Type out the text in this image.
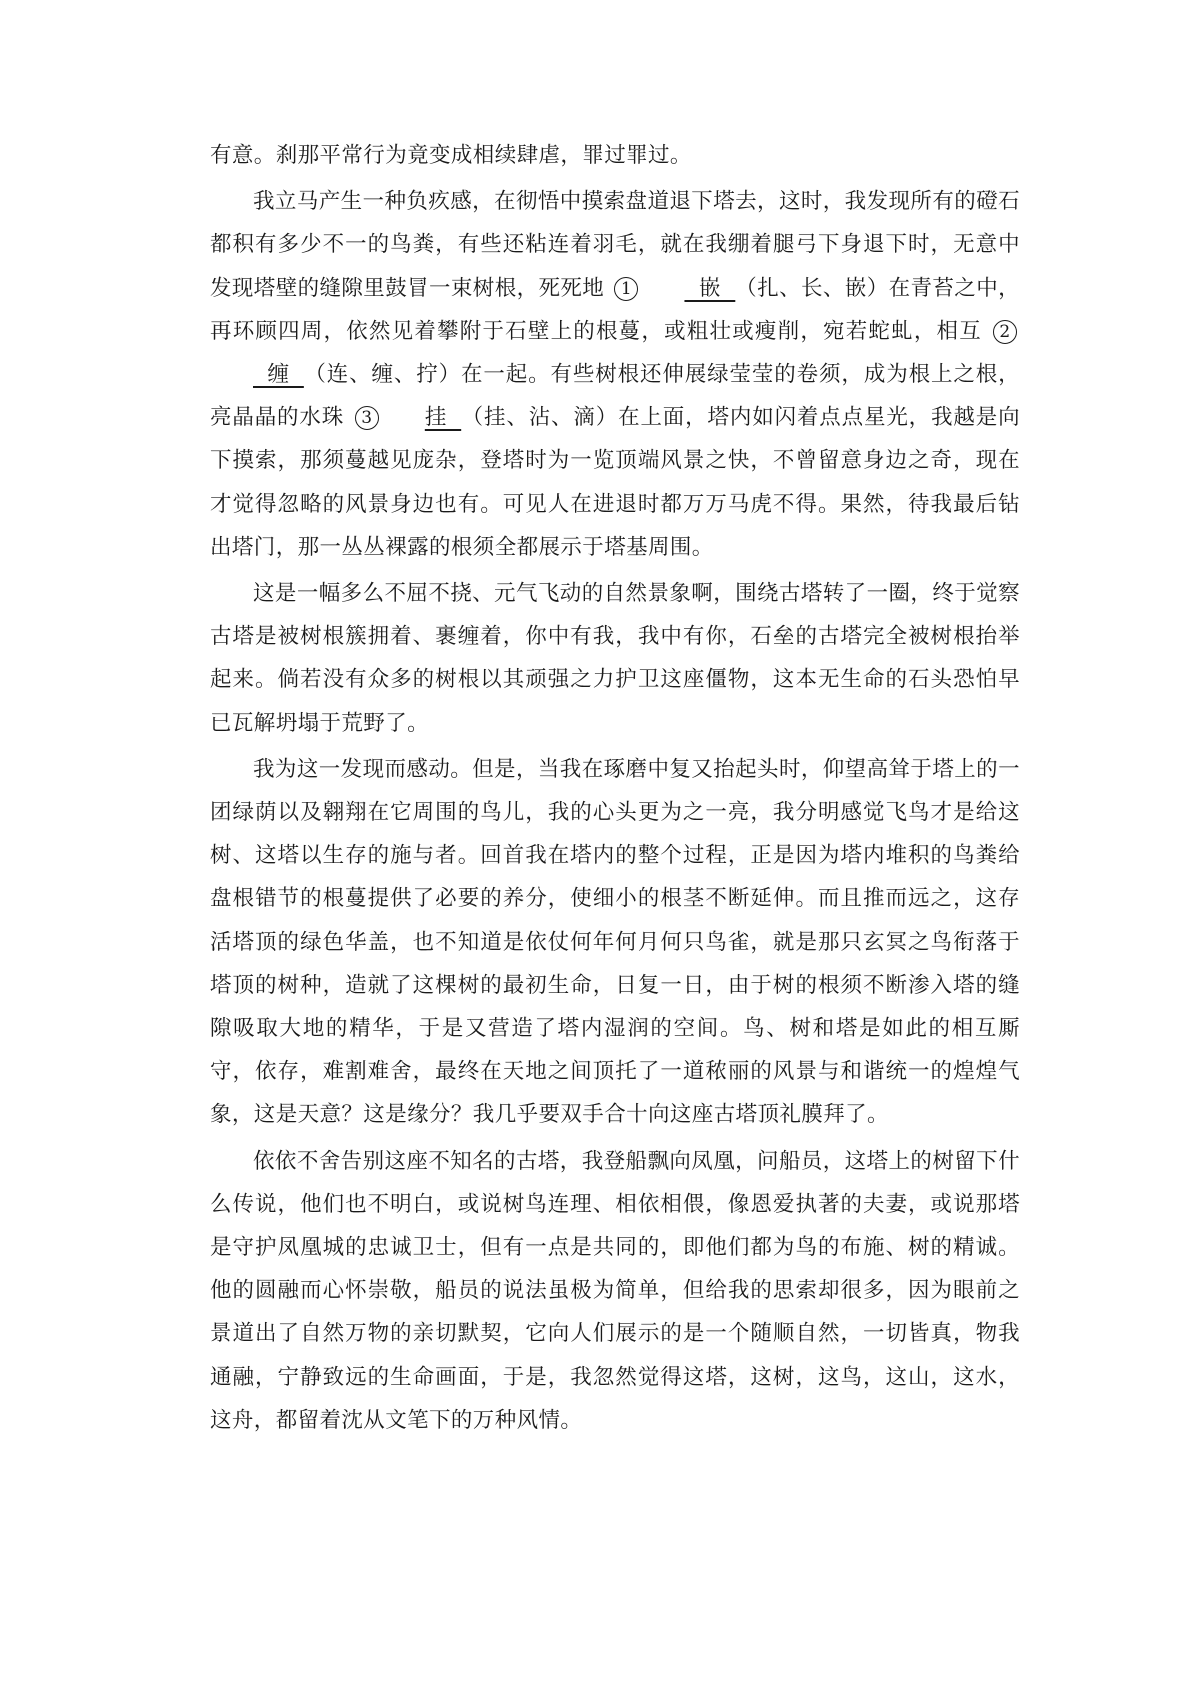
有意。刹那平常行为竟变成相续肆虐，罪过罪过。

我立马产生一种负疚感，在彻悟中摸索盘道退下塔去，这时，我发现所有的磴石都积有多少不一的鸟粪，有些还粘连着羽毛，就在我绷着腿弓下身退下时，无意中发现塔壁的缝隙里鼓冒一束树根，死死地 1  嵌  （扎、长、嵌）在青苔之中，再环顾四周，依然见着攀附于石壁上的根蔓，或粗壮或瘦削，宛若蛇虬，相互 2  缠  （连、缠、拧）在一起。有些树根还伸展绿莹莹的卷须，成为根上之根，亮晶晶的水珠 3 挂  （挂、沾、滴）在上面，塔内如闪着点点星光，我越是向下摸索，那须蔓越见庞杂，登塔时为一览顶端风景之快，不曾留意身边之奇，现在才觉得忽略的风景身边也有。可见人在进退时都万万马虎不得。果然，待我最后钻出塔门，那一丛丛裸露的根须全都展示于塔基周围。

这是一幅多么不屈不挠、元气飞动的自然景象啊，围绕古塔转了一圈，终于觉察古塔是被树根簇拥着、裹缠着，你中有我，我中有你，石垒的古塔完全被树根抬举起来。倘若没有众多的树根以其顽强之力护卫这座僵物，这本无生命的石头恐怕早已瓦解坍塌于荒野了。

我为这一发现而感动。但是，当我在琢磨中复又抬起头时，仰望高耸于塔上的一团绿荫以及翱翔在它周围的鸟儿，我的心头更为之一亮，我分明感觉飞鸟才是给这树、这塔以生存的施与者。回首我在塔内的整个过程，正是因为塔内堆积的鸟粪给盘根错节的根蔓提供了必要的养分，使细小的根茎不断延伸。而且推而远之，这存活塔顶的绿色华盖，也不知道是依仗何年何月何只鸟雀，就是那只玄冥之鸟衔落于塔顶的树种，造就了这棵树的最初生命，日复一日，由于树的根须不断渗入塔的缝隙吸取大地的精华，于是又营造了塔内湿润的空间。鸟、树和塔是如此的相互厮守，依存，难割难舍，最终在天地之间顶托了一道秾丽的风景与和谐统一的煌煌气象，这是天意？这是缘分？我几乎要双手合十向这座古塔顶礼膜拜了。

依依不舍告别这座不知名的古塔，我登船飘向凤凰，问船员，这塔上的树留下什么传说，他们也不明白，或说树鸟连理、相依相偎，像恩爱执著的夫妻，或说那塔是守护凤凰城的忠诚卫士，但有一点是共同的，即他们都为鸟的布施、树的精诚。他的圆融而心怀崇敬，船员的说法虽极为简单，但给我的思索却很多，因为眼前之景道出了自然万物的亲切默契，它向人们展示的是一个随顺自然，一切皆真，物我通融，宁静致远的生命画面，于是，我忽然觉得这塔，这树，这鸟，这山，这水，这舟，都留着沈从文笔下的万种风情。
